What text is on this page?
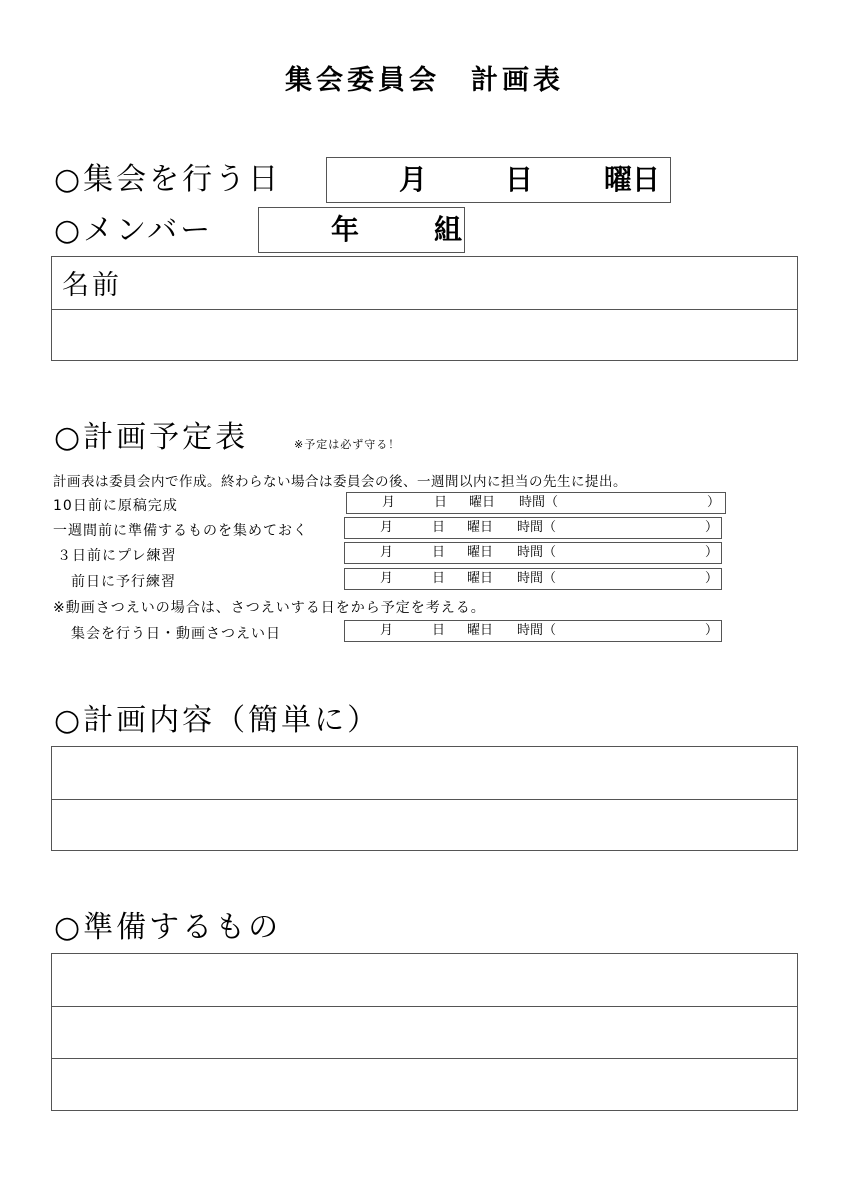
集会委員会　計画表
○集会を行う日	月	日	曜日
○メンバー	年	組
名前
○計画予定表	※予定は必ず守る！
計画表は委員会内で作成。終わらない場合は委員会の後、一週間以内に担当の先生に提出。
10日前に原稿完成	月	日 曜日 時間（	）
一週間前に準備するものを集めておく	月	日 曜日 時間（	）
３日前にプレ練習	月	日 曜日 時間（	）
前日に予行練習	月	日 曜日 時間（	）
※動画さつえいの場合は、さつえいする日をから予定を考える。
集会を行う日・動画さつえい日	月	日 曜日 時間（	）
○計画内容（簡単に）
○準備するもの
